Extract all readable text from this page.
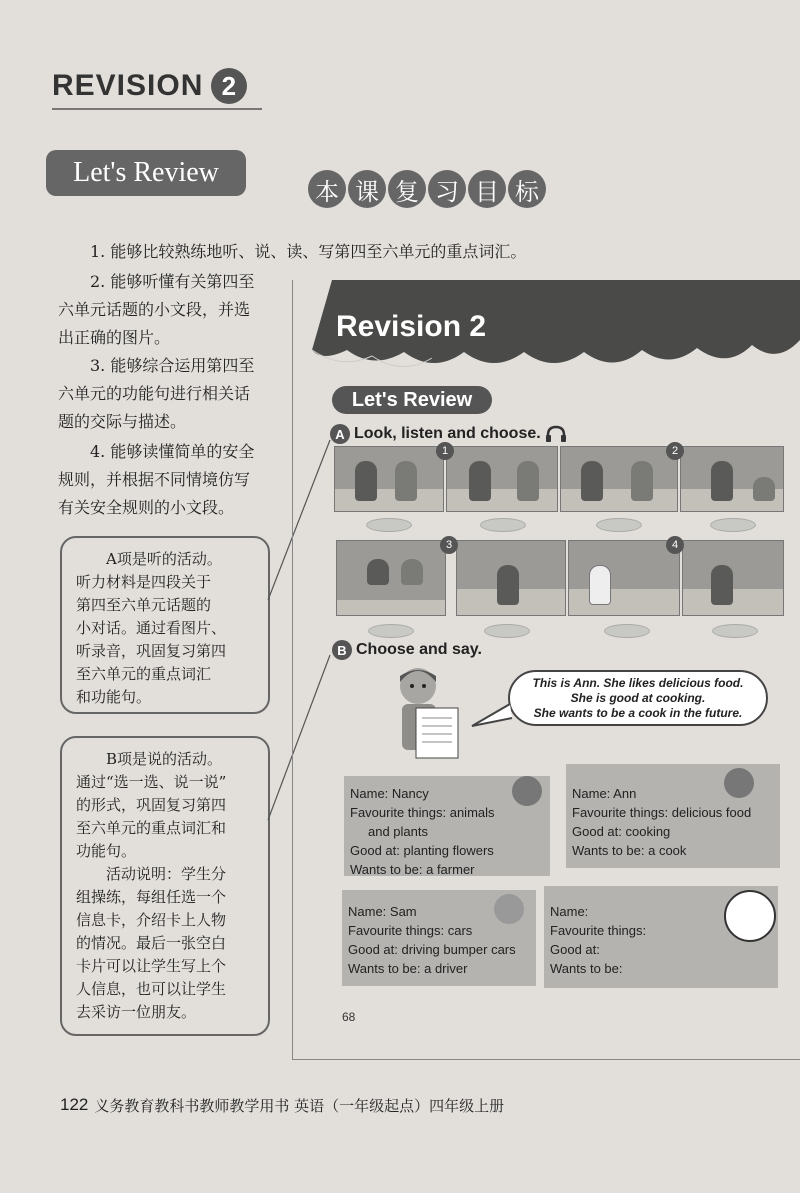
REVISION 2
Let's Review
本 课 复 习 目 标
1. 能够比较熟练地听、说、读、写第四至六单元的重点词汇。
2. 能够听懂有关第四至
六单元话题的小文段，并选
出正确的图片。
3. 能够综合运用第四至
六单元的功能句进行相关话
题的交际与描述。
4. 能够读懂简单的安全
规则，并根据不同情境仿写
有关安全规则的小文段。

A项是听的活动。

听力材料是四段关于
第四至六单元话题的
小对话。通过看图片、
听录音，巩固复习第四
至六单元的重点词汇
和功能句。

B项是说的活动。

通过“选一选、说一说”
的形式，巩固复习第四
至六单元的重点词汇和
功能句。

活动说明：学生分

组操练，每组任选一个
信息卡，介绍卡上人物
的情况。最后一张空白
卡片可以让学生写上个
人信息，也可以让学生
去采访一位朋友。
Revision 2
Let's Review
A Look, listen and choose.
1	2
3	4
B Choose and say.
This is Ann. She likes delicious food.
She is good at cooking.
She wants to be a cook in the future.
Name: Nancy
Favourite things: animals
and plants
Good at: planting flowers
Wants to be: a farmer
Name: Ann
Favourite things: delicious food
Good at: cooking
Wants to be: a cook
Name: Sam
Favourite things: cars
Good at: driving bumper cars
Wants to be: a driver
Name:
Favourite things:
Good at:
Wants to be:
68
122 义务教育教科书教师教学用书 英语（一年级起点）四年级上册
